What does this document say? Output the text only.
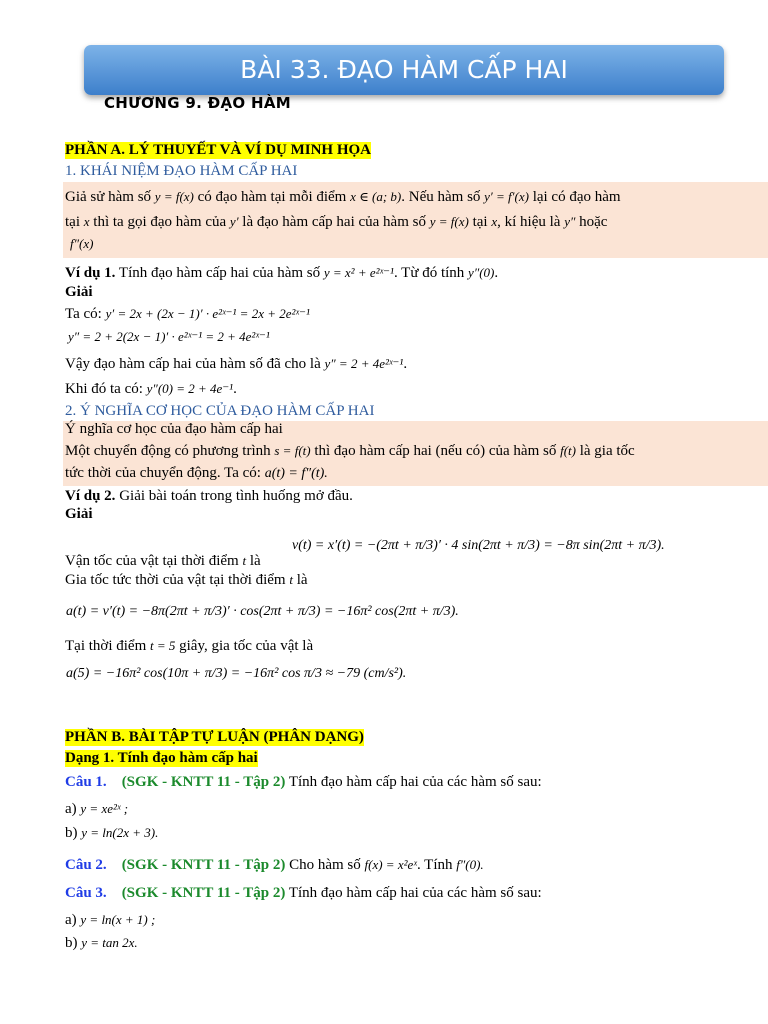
BÀI 33. ĐẠO HÀM CẤP HAI
CHƯƠNG 9. ĐẠO HÀM
PHẦN A. LÝ THUYẾT VÀ VÍ DỤ MINH HỌA
1. KHÁI NIỆM ĐẠO HÀM CẤP HAI
Giả sử hàm số y = f(x) có đạo hàm tại mỗi điểm x ∈ (a; b). Nếu hàm số y′ = f′(x) lại có đạo hàm
tại x thì ta gọi đạo hàm của y′ là đạo hàm cấp hai của hàm số y = f(x) tại x, kí hiệu là y″ hoặc
f″(x)
Ví dụ 1. Tính đạo hàm cấp hai của hàm số y = x² + e²ˣ⁻¹. Từ đó tính y″(0).
Giải
Ta có: y′ = 2x + (2x − 1)′ · e²ˣ⁻¹ = 2x + 2e²ˣ⁻¹
y″ = 2 + 2(2x − 1)′ · e²ˣ⁻¹ = 2 + 4e²ˣ⁻¹
Vậy đạo hàm cấp hai của hàm số đã cho là y″ = 2 + 4e²ˣ⁻¹.
Khi đó ta có: y″(0) = 2 + 4e⁻¹.
2. Ý NGHĨA CƠ HỌC CỦA ĐẠO HÀM CẤP HAI
Ý nghĩa cơ học của đạo hàm cấp hai
Một chuyển động có phương trình s = f(t) thì đạo hàm cấp hai (nếu có) của hàm số f(t) là gia tốc
tức thời của chuyển động. Ta có: a(t) = f″(t).
Ví dụ 2. Giải bài toán trong tình huống mở đầu.
Giải
v(t) = x′(t) = −(2πt + π/3)′ · 4 sin(2πt + π/3) = −8π sin(2πt + π/3).
Vận tốc của vật tại thời điểm t là
Gia tốc tức thời của vật tại thời điểm t là
a(t) = v′(t) = −8π(2πt + π/3)′ · cos(2πt + π/3) = −16π² cos(2πt + π/3).
Tại thời điểm t = 5 giây, gia tốc của vật là
a(5) = −16π² cos(10π + π/3) = −16π² cos π/3 ≈ −79 (cm/s²).
PHẦN B. BÀI TẬP TỰ LUẬN (PHÂN DẠNG)
Dạng 1. Tính đạo hàm cấp hai
Câu 1. (SGK - KNTT 11 - Tập 2) Tính đạo hàm cấp hai của các hàm số sau:
a) y = xe²ˣ ;
b) y = ln(2x + 3).
Câu 2. (SGK - KNTT 11 - Tập 2) Cho hàm số f(x) = x²eˣ. Tính f″(0).
Câu 3. (SGK - KNTT 11 - Tập 2) Tính đạo hàm cấp hai của các hàm số sau:
a) y = ln(x + 1) ;
b) y = tan 2x.
